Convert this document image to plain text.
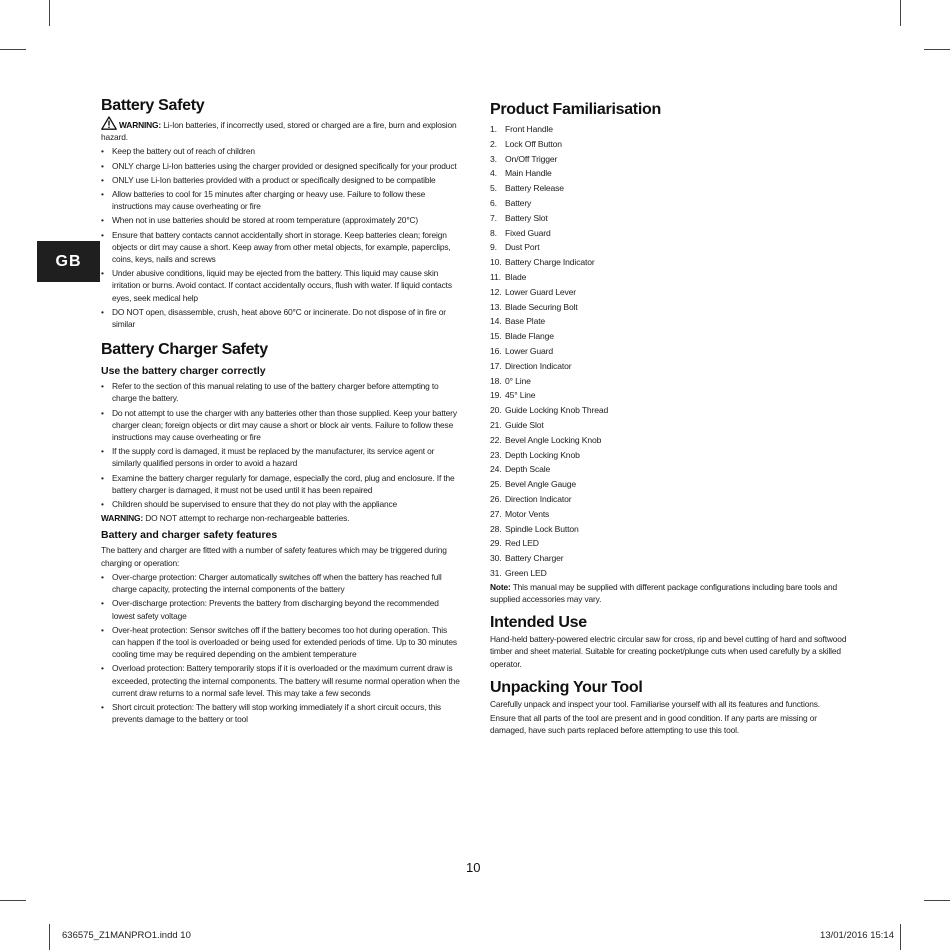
GB
Battery Safety

WARNING: Li-Ion batteries, if incorrectly used, stored or charged are a fire, burn and explosion hazard.

• Keep the battery out of reach of children
• ONLY charge Li-Ion batteries using the charger provided or designed specifically for your product
• ONLY use Li-Ion batteries provided with a product or specifically designed to be compatible
• Allow batteries to cool for 15 minutes after charging or heavy use. Failure to follow these instructions may cause overheating or fire
• When not in use batteries should be stored at room temperature (approximately 20°C)
• Ensure that battery contacts cannot accidentally short in storage. Keep batteries clean; foreign objects or dirt may cause a short. Keep away from other metal objects, for example, paperclips, coins, keys, nails and screws
• Under abusive conditions, liquid may be ejected from the battery. This liquid may cause skin irritation or burns. Avoid contact. If contact accidentally occurs, flush with water. If liquid contacts eyes, seek medical help
• DO NOT open, disassemble, crush, heat above 60°C or incinerate. Do not dispose of in fire or similar
Battery Charger Safety
Use the battery charger correctly
• Refer to the section of this manual relating to use of the battery charger before attempting to charge the battery.
• Do not attempt to use the charger with any batteries other than those supplied. Keep your battery charger clean; foreign objects or dirt may cause a short or block air vents. Failure to follow these instructions may cause overheating or fire
• If the supply cord is damaged, it must be replaced by the manufacturer, its service agent or similarly qualified persons in order to avoid a hazard
• Examine the battery charger regularly for damage, especially the cord, plug and enclosure. If the battery charger is damaged, it must not be used until it has been repaired
• Children should be supervised to ensure that they do not play with the appliance

WARNING: DO NOT attempt to recharge non-rechargeable batteries.

Battery and charger safety features

The battery and charger are fitted with a number of safety features which may be triggered during charging or operation:

• Over-charge protection: Charger automatically switches off when the battery has reached full charge capacity, protecting the internal components of the battery
• Over-discharge protection: Prevents the battery from discharging beyond the recommended lowest safety voltage
• Over-heat protection: Sensor switches off if the battery becomes too hot during operation. This can happen if the tool is overloaded or being used for extended periods of time. Up to 30 minutes cooling time may be required depending on the ambient temperature
• Overload protection: Battery temporarily stops if it is overloaded or the maximum current draw is exceeded, protecting the internal components. The battery will resume normal operation when the current draw returns to a normal safe level. This may take a few seconds
• Short circuit protection: The battery will stop working immediately if a short circuit occurs, this prevents damage to the battery or tool
Product Familiarisation
1. Front Handle
2. Lock Off Button
3. On/Off Trigger
4. Main Handle
5. Battery Release
6. Battery
7. Battery Slot
8. Fixed Guard
9. Dust Port
10. Battery Charge Indicator
11. Blade
12. Lower Guard Lever
13. Blade Securing Bolt
14. Base Plate
15. Blade Flange
16. Lower Guard
17. Direction Indicator
18. 0° Line
19. 45° Line
20. Guide Locking Knob Thread
21. Guide Slot
22. Bevel Angle Locking Knob
23. Depth Locking Knob
24. Depth Scale
25. Bevel Angle Gauge
26. Direction Indicator
27. Motor Vents
28. Spindle Lock Button
29. Red LED
30. Battery Charger
31. Green LED

Note: This manual may be supplied with different package configurations including bare tools and supplied accessories may vary.

Intended Use

Hand-held battery-powered electric circular saw for cross, rip and bevel cutting of hard and softwood timber and sheet material. Suitable for creating pocket/plunge cuts when used carefully by a skilled operator.

Unpacking Your Tool

Carefully unpack and inspect your tool. Familiarise yourself with all its features and functions.

Ensure that all parts of the tool are present and in good condition. If any parts are missing or damaged, have such parts replaced before attempting to use this tool.

10
636575_Z1MANPRO1.indd 10	13/01/2016 15:14
